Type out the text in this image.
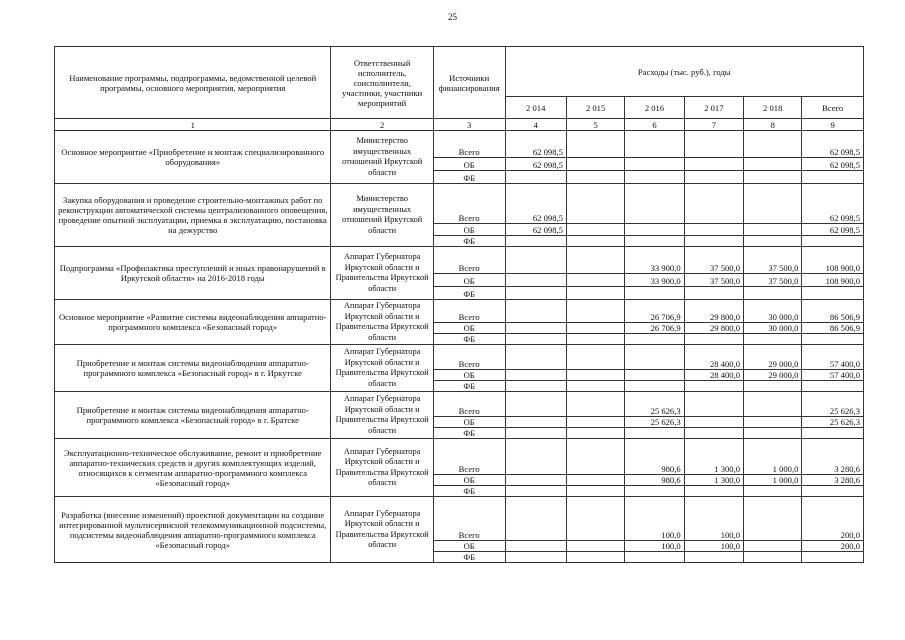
25
Наименование программы, подпрограммы, ведомственной целевой программы, основного мероприятия, мероприятия	Ответственный исполнитель, соисполнители, участники, участники мероприятий	Источники финансирования	Расходы (тыс. руб.), годы					
			2 014	2 015	2 016	2 017	2 018	Всего
1	2	3	4	5	6	7	8	9
Основное мероприятие «Приобретение и монтаж специализированного оборудования»	Министерство имущественных отношений Иркутской области	Всего	62 098,5					62 098,5
		ОБ	62 098,5					62 098,5
		ФБ						
Закупка оборудования и проведение строительно-монтажных работ по реконструкции автоматической системы централизованного оповещения, проведение опытной эксплуатации, приемка в эксплуатацию, постановка на дежурство	Министерство имущественных отношений Иркутской области	Всего	62 098,5					62 098,5
		ОБ	62 098,5					62 098,5
		ФБ						
Подпрограмма «Профилактика преступлений и иных правонарушений в Иркутской области» на 2016-2018 годы	Аппарат Губернатора Иркутской области и Правительства Иркутской области	Всего			33 900,0	37 500,0	37 500,0	108 900,0
		ОБ			33 900,0	37 500,0	37 500,0	108 900,0
		ФБ						
Основное мероприятие «Развитие системы видеонаблюдения аппаратно-программного комплекса «Безопасный город»	Аппарат Губернатора Иркутской области и Правительства Иркутской области	Всего			26 706,9	29 800,0	30 000,0	86 506,9
		ОБ			26 706,9	29 800,0	30 000,0	86 506,9
		ФБ						
Приобретение и монтаж системы видеонаблюдения аппаратно-программного комплекса «Безопасный город» в г. Иркутске	Аппарат Губернатора Иркутской области и Правительства Иркутской области	Всего				28 400,0	29 000,0	57 400,0
		ОБ				28 400,0	29 000,0	57 400,0
		ФБ						
Приобретение и монтаж системы видеонаблюдения аппаратно-программного комплекса «Безопасный город» в г. Братске	Аппарат Губернатора Иркутской области и Правительства Иркутской области	Всего			25 626,3			25 626,3
		ОБ			25 626,3			25 626,3
		ФБ						
Эксплуатационно-техническое обслуживание, ремонт и приобретение аппаратно-технических средств и других комплектующих изделий, относящихся к сегментам аппаратно-программного комплекса «Безопасный город»	Аппарат Губернатора Иркутской области и Правительства Иркутской области	Всего			980,6	1 300,0	1 000,0	3 280,6
		ОБ			980,6	1 300,0	1 000,0	3 280,6
		ФБ						
Разработка (внесение изменений) проектной документации на создание интегрированной мультисервисной телекоммуникационной подсистемы, подсистемы видеонаблюдения аппаратно-программного комплекса «Безопасный город»	Аппарат Губернатора Иркутской области и Правительства Иркутской области	Всего			100,0	100,0		200,0
		ОБ			100,0	100,0		200,0
		ФБ						
